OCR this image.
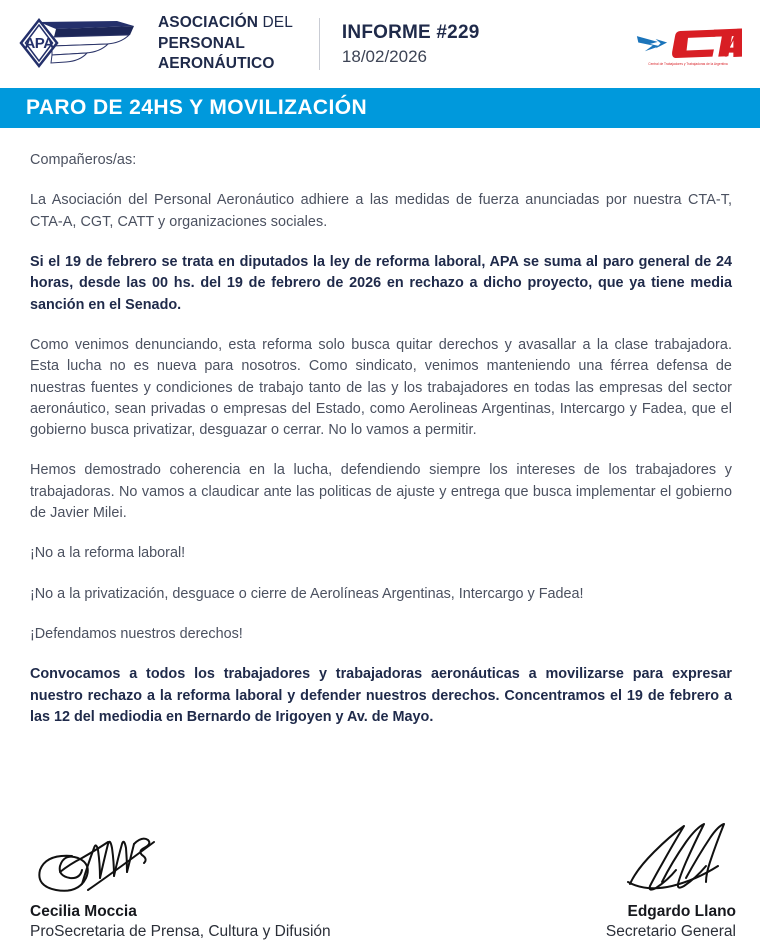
APA
ASOCIACIÓN DEL
PERSONAL
AERONÁUTICO
INFORME #229
18/02/2026	Central de Trabajadores y Trabajadoras de la Argentina
PARO DE 24HS Y MOVILIZACIÓN

Compañeros/as:

La Asociación del Personal Aeronáutico adhiere a las medidas de fuerza anunciadas por nuestra CTA-T, CTA-A, CGT, CATT y organizaciones sociales.

Si el 19 de febrero se trata en diputados la ley de reforma laboral, APA se suma al paro general de 24 horas, desde las 00 hs. del 19 de febrero de 2026 en rechazo a dicho proyecto, que ya tiene media sanción en el Senado.

Como venimos denunciando, esta reforma solo busca quitar derechos y avasallar a la clase trabajadora. Esta lucha no es nueva para nosotros. Como sindicato, venimos manteniendo una férrea defensa de nuestras fuentes y condiciones de trabajo tanto de las y los trabajadores en todas las empresas del sector aeronáutico, sean privadas o empresas del Estado, como Aerolineas Argentinas, Intercargo y Fadea, que el gobierno busca privatizar, desguazar o cerrar. No lo vamos a permitir.

Hemos demostrado coherencia en la lucha, defendiendo siempre los intereses de los trabajadores y trabajadoras. No vamos a claudicar ante las politicas de ajuste y entrega que busca implementar el gobierno de Javier Milei.

¡No a la reforma laboral!

¡No a la privatización, desguace o cierre de Aerolíneas Argentinas, Intercargo y Fadea!

¡Defendamos nuestros derechos!

Convocamos a todos los trabajadores y trabajadoras aeronáuticas a movilizarse para expresar nuestro rechazo a la reforma laboral y defender nuestros derechos. Concentramos el 19 de febrero a las 12 del mediodia en Bernardo de Irigoyen y Av. de Mayo.

Cecilia Moccia
ProSecretaria de Prensa, Cultura y Difusión
Edgardo Llano
Secretario General
